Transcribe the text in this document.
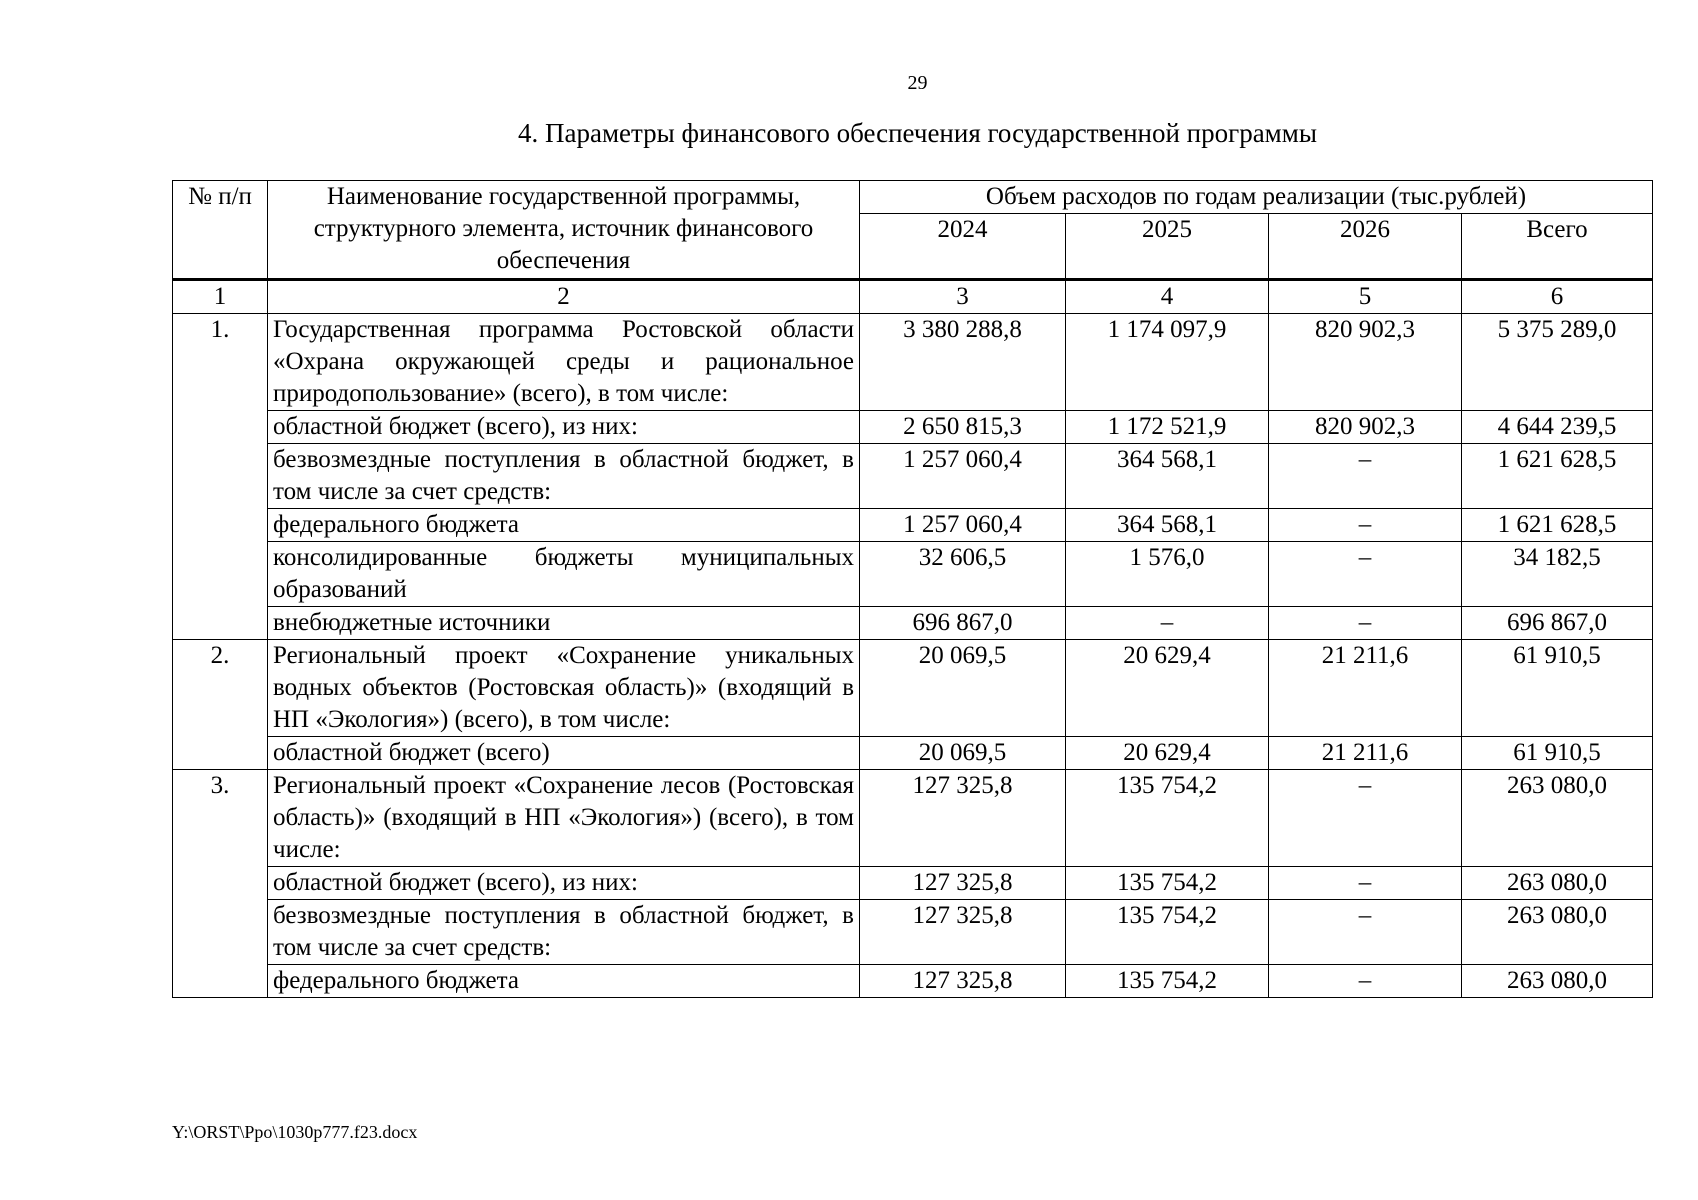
29
4. Параметры финансового обеспечения государственной программы
№ п/п	Наименование государственной программы, структурного элемента, источник финансового обеспечения	Объем расходов по годам реализации (тыс.рублей)			
		2024	2025	2026	Всего
1	2	3	4	5	6
1.	Государственная программа Ростовской области «Охрана окружающей среды и рациональное природопользование» (всего), в том числе:	3 380 288,8	1 174 097,9	820 902,3	5 375 289,0
	областной бюджет (всего), из них:	2 650 815,3	1 172 521,9	820 902,3	4 644 239,5
	безвозмездные поступления в областной бюджет, в том числе за счет средств:	1 257 060,4	364 568,1	–	1 621 628,5
	федерального бюджета	1 257 060,4	364 568,1	–	1 621 628,5
	консолидированные бюджеты муниципальных образований	32 606,5	1 576,0	–	34 182,5
	внебюджетные источники	696 867,0	–	–	696 867,0
2.	Региональный проект «Сохранение уникальных водных объектов (Ростовская область)» (входящий в НП «Экология») (всего), в том числе:	20 069,5	20 629,4	21 211,6	61 910,5
	областной бюджет (всего)	20 069,5	20 629,4	21 211,6	61 910,5
3.	Региональный проект «Сохранение лесов (Ростовская область)» (входящий в НП «Экология») (всего), в том числе:	127 325,8	135 754,2	–	263 080,0
	областной бюджет (всего), из них:	127 325,8	135 754,2	–	263 080,0
	безвозмездные поступления в областной бюджет, в том числе за счет средств:	127 325,8	135 754,2	–	263 080,0
	федерального бюджета	127 325,8	135 754,2	–	263 080,0
Y:\ORST\Ppo\1030p777.f23.docx
